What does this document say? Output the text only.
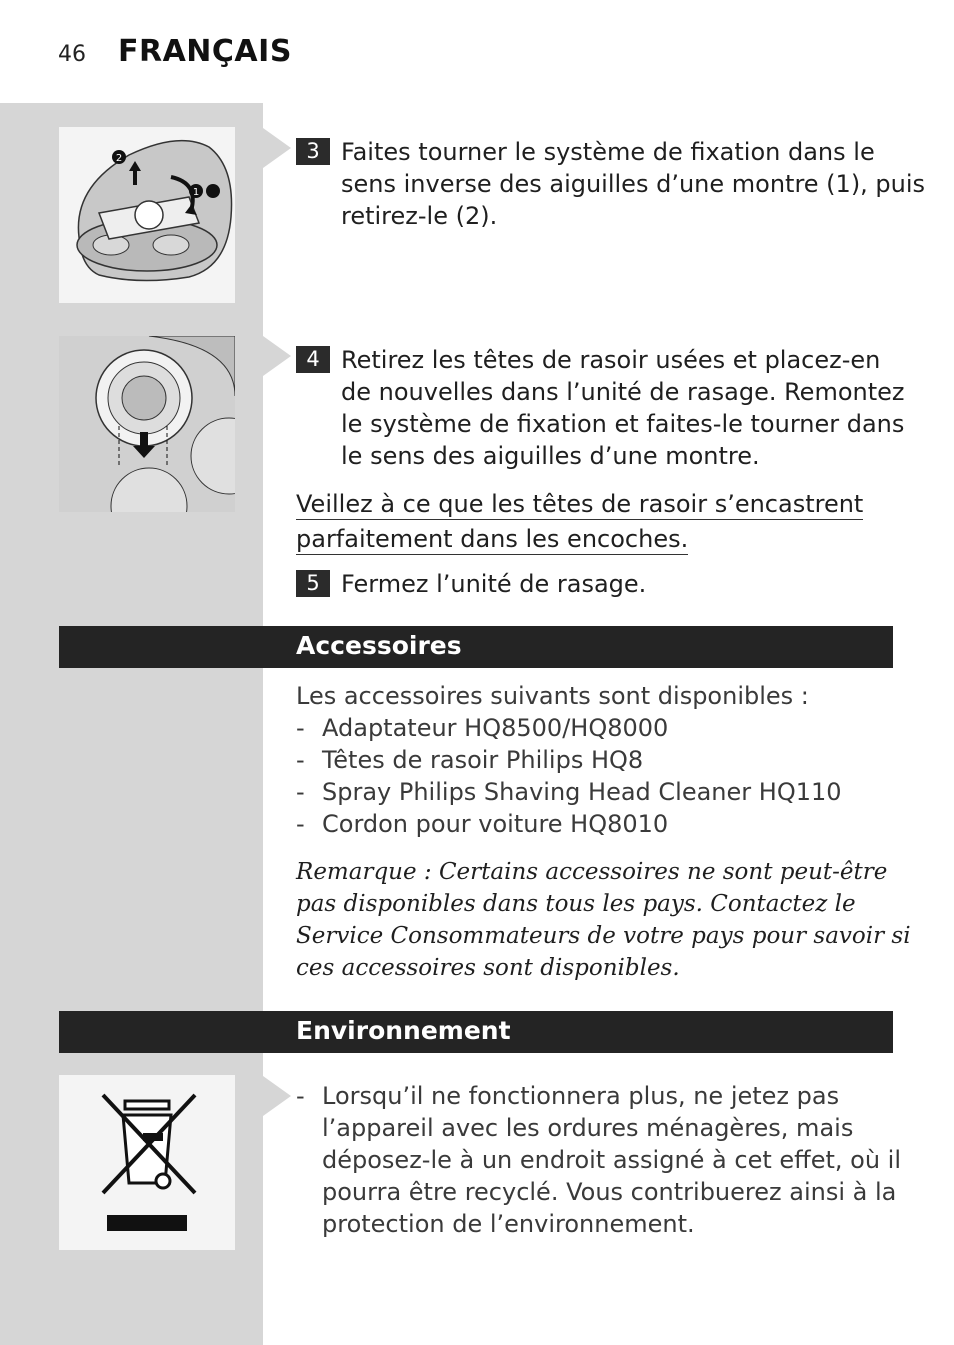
46 FRANÇAIS
2
1
3 Faites tourner le système de fixation dans le
sens inverse des aiguilles d’une montre (1), puis
retirez-le (2).
4 Retirez les têtes de rasoir usées et placez-en
de nouvelles dans l’unité de rasage. Remontez
le système de fixation et faites-le tourner dans
le sens des aiguilles d’une montre.
Veillez à ce que les têtes de rasoir s’encastrent
parfaitement dans les encoches.
5 Fermez l’unité de rasage.
Accessoires
Les accessoires suivants sont disponibles :
- Adaptateur HQ8500/HQ8000
- Têtes de rasoir Philips HQ8
- Spray Philips Shaving Head Cleaner HQ110
- Cordon pour voiture HQ8010
Remarque : Certains accessoires ne sont peut-être
pas disponibles dans tous les pays. Contactez le
Service Consommateurs de votre pays pour savoir si
ces accessoires sont disponibles.
Environnement
- Lorsqu’il ne fonctionnera plus, ne jetez pas
l’appareil avec les ordures ménagères, mais
déposez-le à un endroit assigné à cet effet, où il
pourra être recyclé. Vous contribuerez ainsi à la
protection de l’environnement.
